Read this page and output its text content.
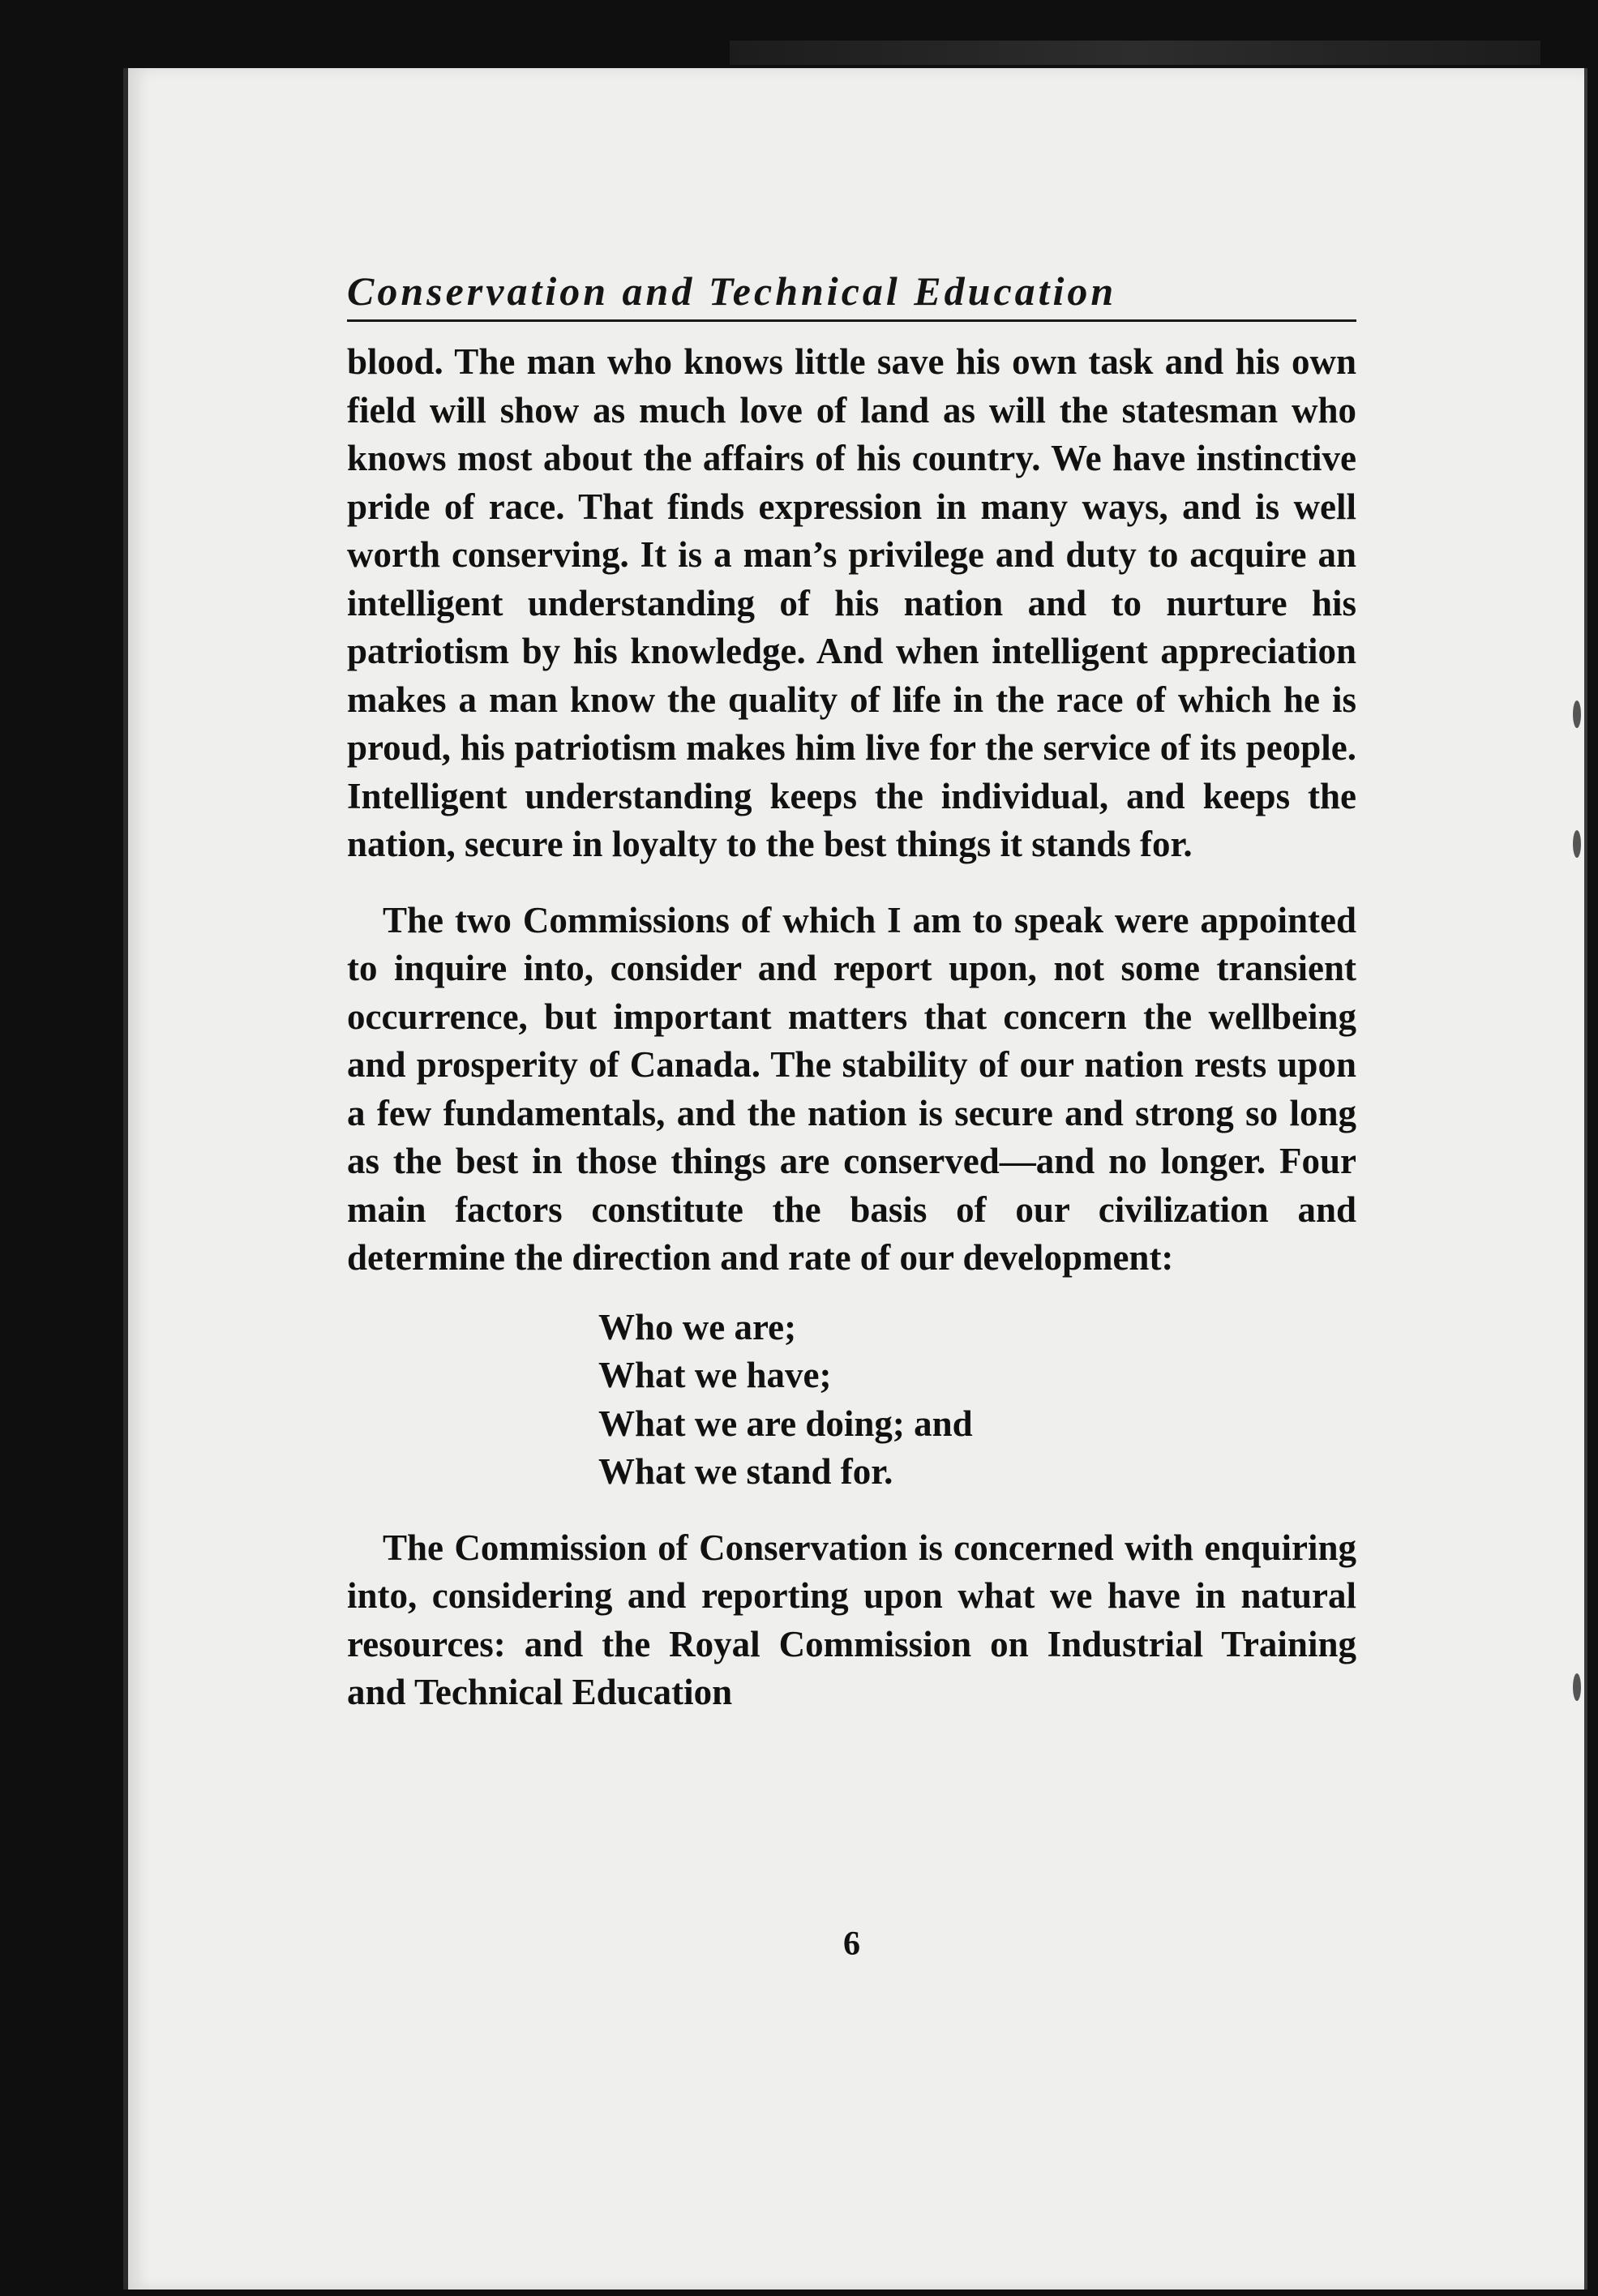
Conservation and Technical Education

blood. The man who knows little save his own task and his own field will show as much love of land as will the statesman who knows most about the affairs of his country. We have instinctive pride of race. That finds expression in many ways, and is well worth conserving. It is a man’s privilege and duty to acquire an intelligent understanding of his nation and to nurture his patriotism by his knowledge. And when intelligent appreciation makes a man know the quality of life in the race of which he is proud, his patriotism makes him live for the service of its people. Intelligent understanding keeps the individual, and keeps the nation, secure in loyalty to the best things it stands for.

The two Commissions of which I am to speak were appointed to inquire into, consider and report upon, not some transient occurrence, but important matters that concern the wellbeing and prosperity of Canada. The stability of our nation rests upon a few fundamentals, and the nation is secure and strong so long as the best in those things are conserved—and no longer. Four main factors constitute the basis of our civilization and determine the direction and rate of our development:

Who we are;
What we have;
What we are doing; and
What we stand for.

The Commission of Conservation is concerned with enquiring into, considering and reporting upon what we have in natural resources: and the Royal Commission on Industrial Training and Technical Education

6
